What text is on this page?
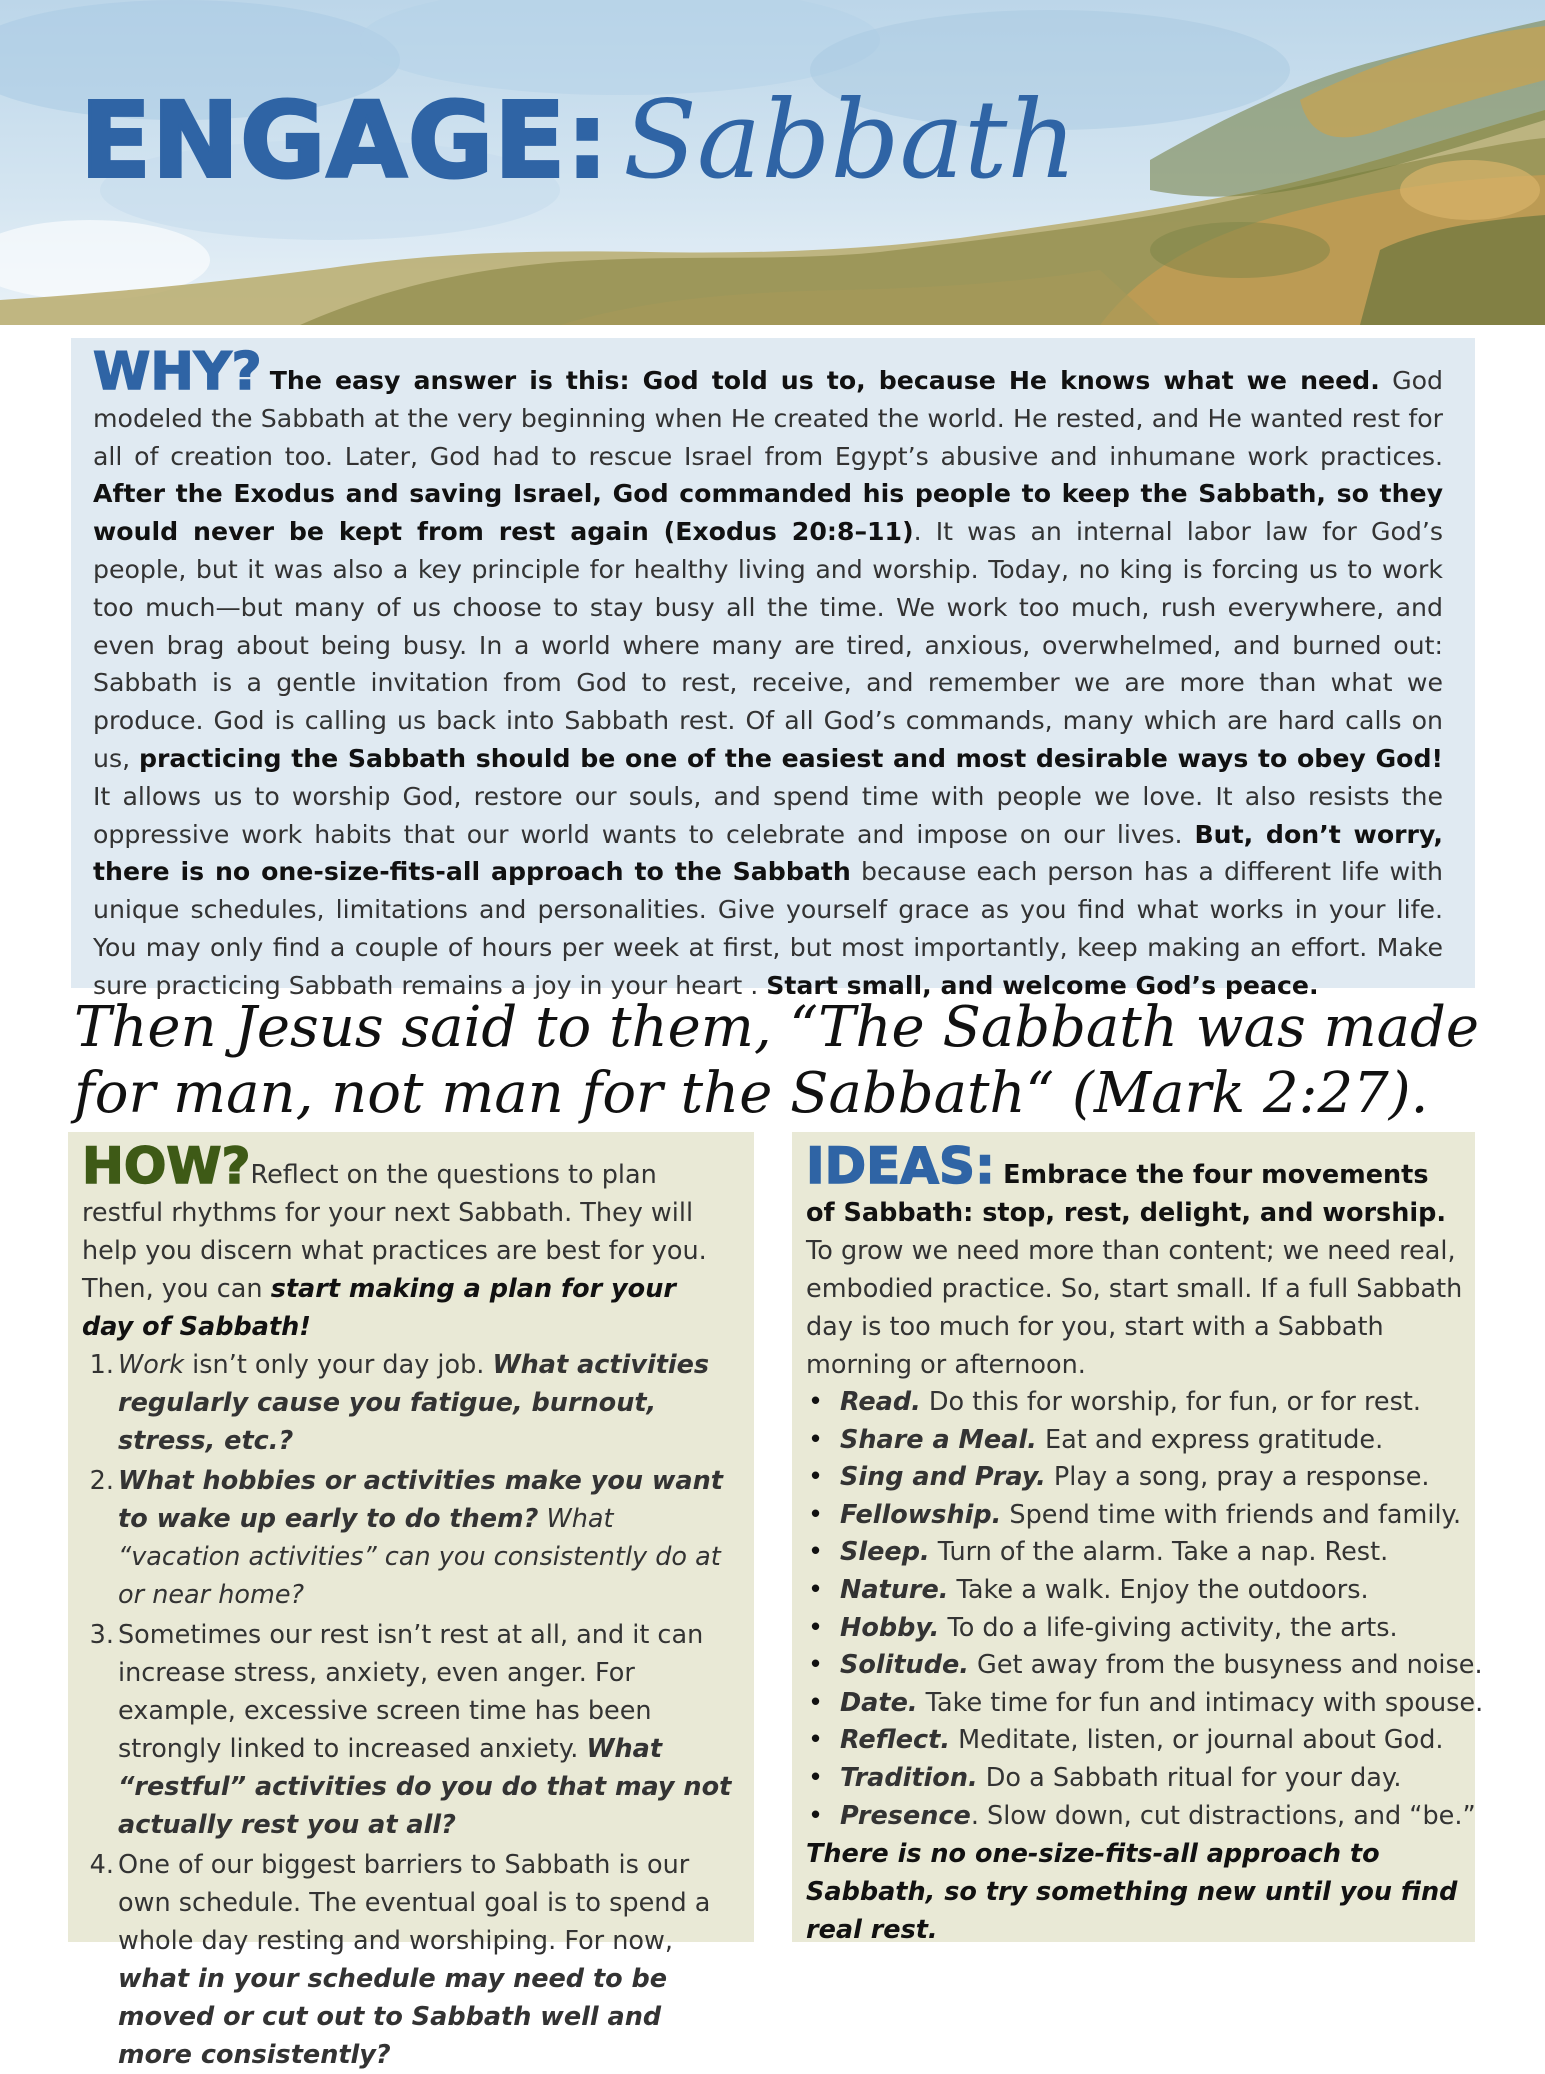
ENGAGE: Sabbath

WHY? The easy answer is this: God told us to, because He knows what we need. God modeled the Sabbath at the very beginning when He created the world. He rested, and He wanted rest for all of creation too. Later, God had to rescue Israel from Egypt’s abusive and inhumane work practices. After the Exodus and saving Israel, God commanded his people to keep the Sabbath, so they would never be kept from rest again (Exodus 20:8–11). It was an internal labor law for God’s people, but it was also a key principle for healthy living and worship. Today, no king is forcing us to work too much—but many of us choose to stay busy all the time. We work too much, rush everywhere, and even brag about being busy. In a world where many are tired, anxious, overwhelmed, and burned out: Sabbath is a gentle invitation from God to rest, receive, and remember we are more than what we produce. God is calling us back into Sabbath rest. Of all God’s commands, many which are hard calls on us, practicing the Sabbath should be one of the easiest and most desirable ways to obey God! It allows us to worship God, restore our souls, and spend time with people we love. It also resists the oppressive work habits that our world wants to celebrate and impose on our lives. But, don’t worry, there is no one-size-fits-all approach to the Sabbath because each person has a different life with unique schedules, limitations and personalities. Give yourself grace as you find what works in your life. You may only find a couple of hours per week at first, but most importantly, keep making an effort. Make sure practicing Sabbath remains a joy in your heart . Start small, and welcome God’s peace.

Then Jesus said to them, “The Sabbath was made
for man, not man for the Sabbath“ (Mark 2:27).

HOW?Reflect on the questions to plan restful rhythms for your next Sabbath. They will help you discern what practices are best for you. Then, you can start making a plan for your day of Sabbath!

1. Work isn’t only your day job. What activities regularly cause you fatigue, burnout, stress, etc.?
2. What hobbies or activities make you want to wake up early to do them? What “vacation activities” can you consistently do at or near home?
3. Sometimes our rest isn’t rest at all, and it can increase stress, anxiety, even anger. For example, excessive screen time has been strongly linked to increased anxiety. What “restful” activities do you do that may not actually rest you at all?
4. One of our biggest barriers to Sabbath is our own schedule. The eventual goal is to spend a whole day resting and worshiping. For now, what in your schedule may need to be moved or cut out to Sabbath well and more consistently?

IDEAS: Embrace the four movements of Sabbath: stop, rest, delight, and worship. To grow we need more than content; we need real, embodied practice. So, start small. If a full Sabbath day is too much for you, start with a Sabbath morning or afternoon.

• Read. Do this for worship, for fun, or for rest.
• Share a Meal. Eat and express gratitude.
• Sing and Pray. Play a song, pray a response.
• Fellowship. Spend time with friends and family.
• Sleep. Turn of the alarm. Take a nap. Rest.
• Nature. Take a walk. Enjoy the outdoors.
• Hobby. To do a life-giving activity, the arts.
• Solitude. Get away from the busyness and noise.
• Date. Take time for fun and intimacy with spouse.
• Reflect. Meditate, listen, or journal about God.
• Tradition. Do a Sabbath ritual for your day.
• Presence. Slow down, cut distractions, and “be.”

There is no one-size-fits-all approach to Sabbath, so try something new until you find real rest.
